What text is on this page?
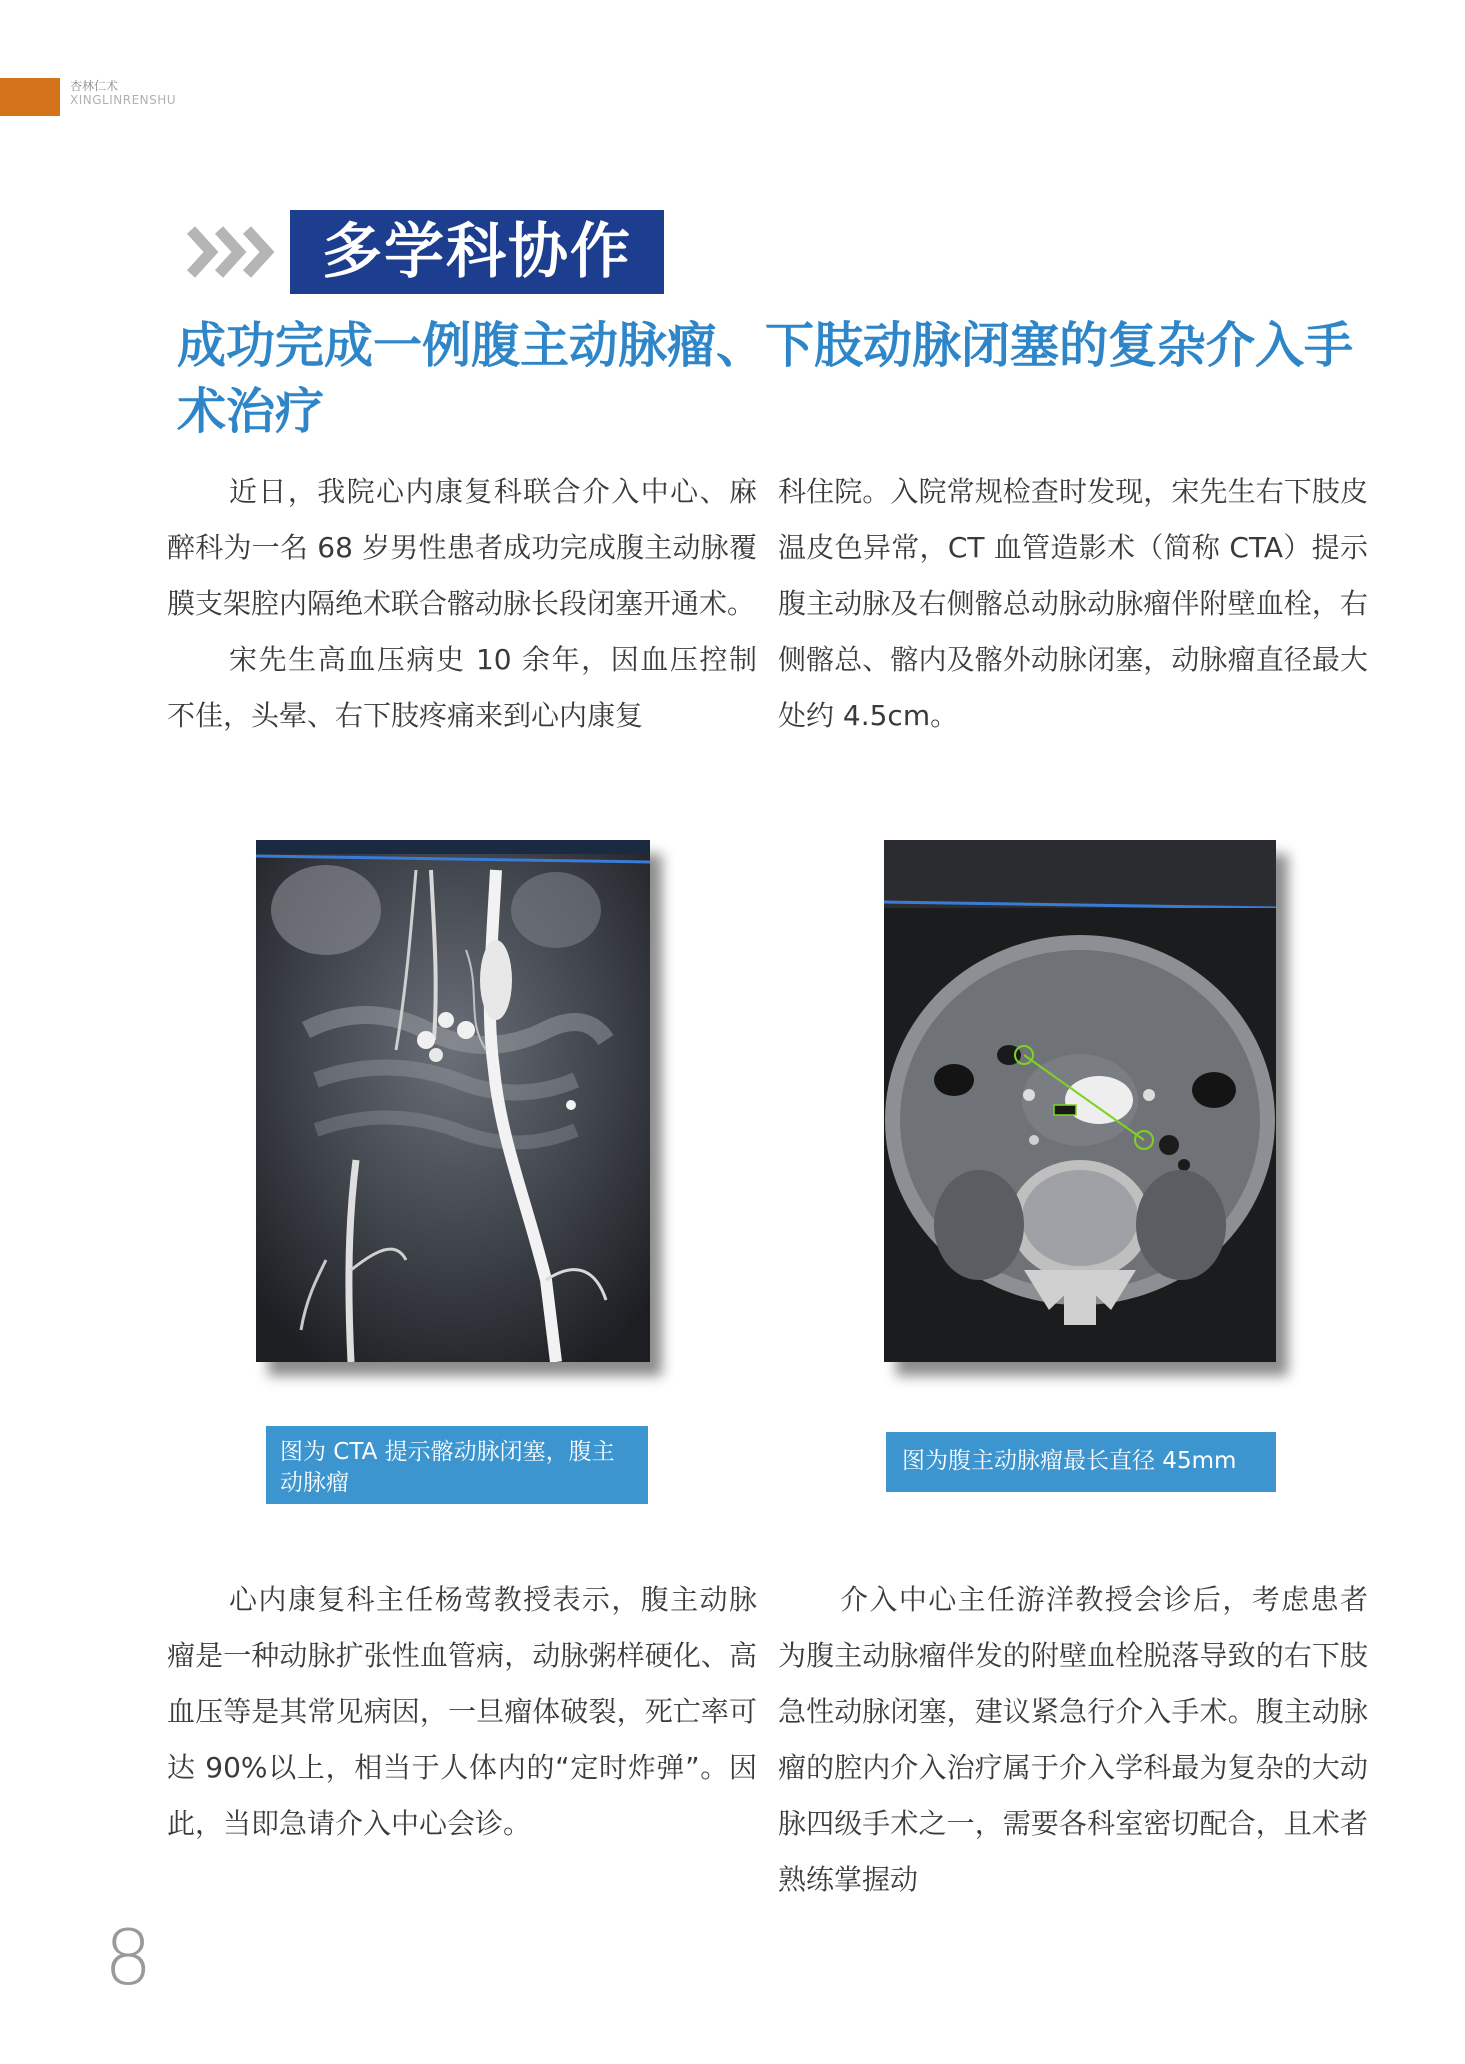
杏林仁术
XINGLINRENSHU
多学科协作
成功完成一例腹主动脉瘤、下肢动脉闭塞的复杂介入手术治疗

近日，我院心内康复科联合介入中心、麻醉科为一名 68 岁男性患者成功完成腹主动脉覆膜支架腔内隔绝术联合髂动脉长段闭塞开通术。

宋先生高血压病史 10 余年，因血压控制不佳，头晕、右下肢疼痛来到心内康复

科住院。入院常规检查时发现，宋先生右下肢皮温皮色异常，CT 血管造影术（简称 CTA）提示腹主动脉及右侧髂总动脉动脉瘤伴附壁血栓，右侧髂总、髂内及髂外动脉闭塞，动脉瘤直径最大处约 4.5cm。

图为 CTA 提示髂动脉闭塞，腹主动脉瘤
图为腹主动脉瘤最长直径 45mm

心内康复科主任杨莺教授表示，腹主动脉瘤是一种动脉扩张性血管病，动脉粥样硬化、高血压等是其常见病因，一旦瘤体破裂，死亡率可达 90%以上，相当于人体内的“定时炸弹”。因此，当即急请介入中心会诊。

介入中心主任游洋教授会诊后，考虑患者为腹主动脉瘤伴发的附壁血栓脱落导致的右下肢急性动脉闭塞，建议紧急行介入手术。腹主动脉瘤的腔内介入治疗属于介入学科最为复杂的大动脉四级手术之一，需要各科室密切配合，且术者熟练掌握动

8
